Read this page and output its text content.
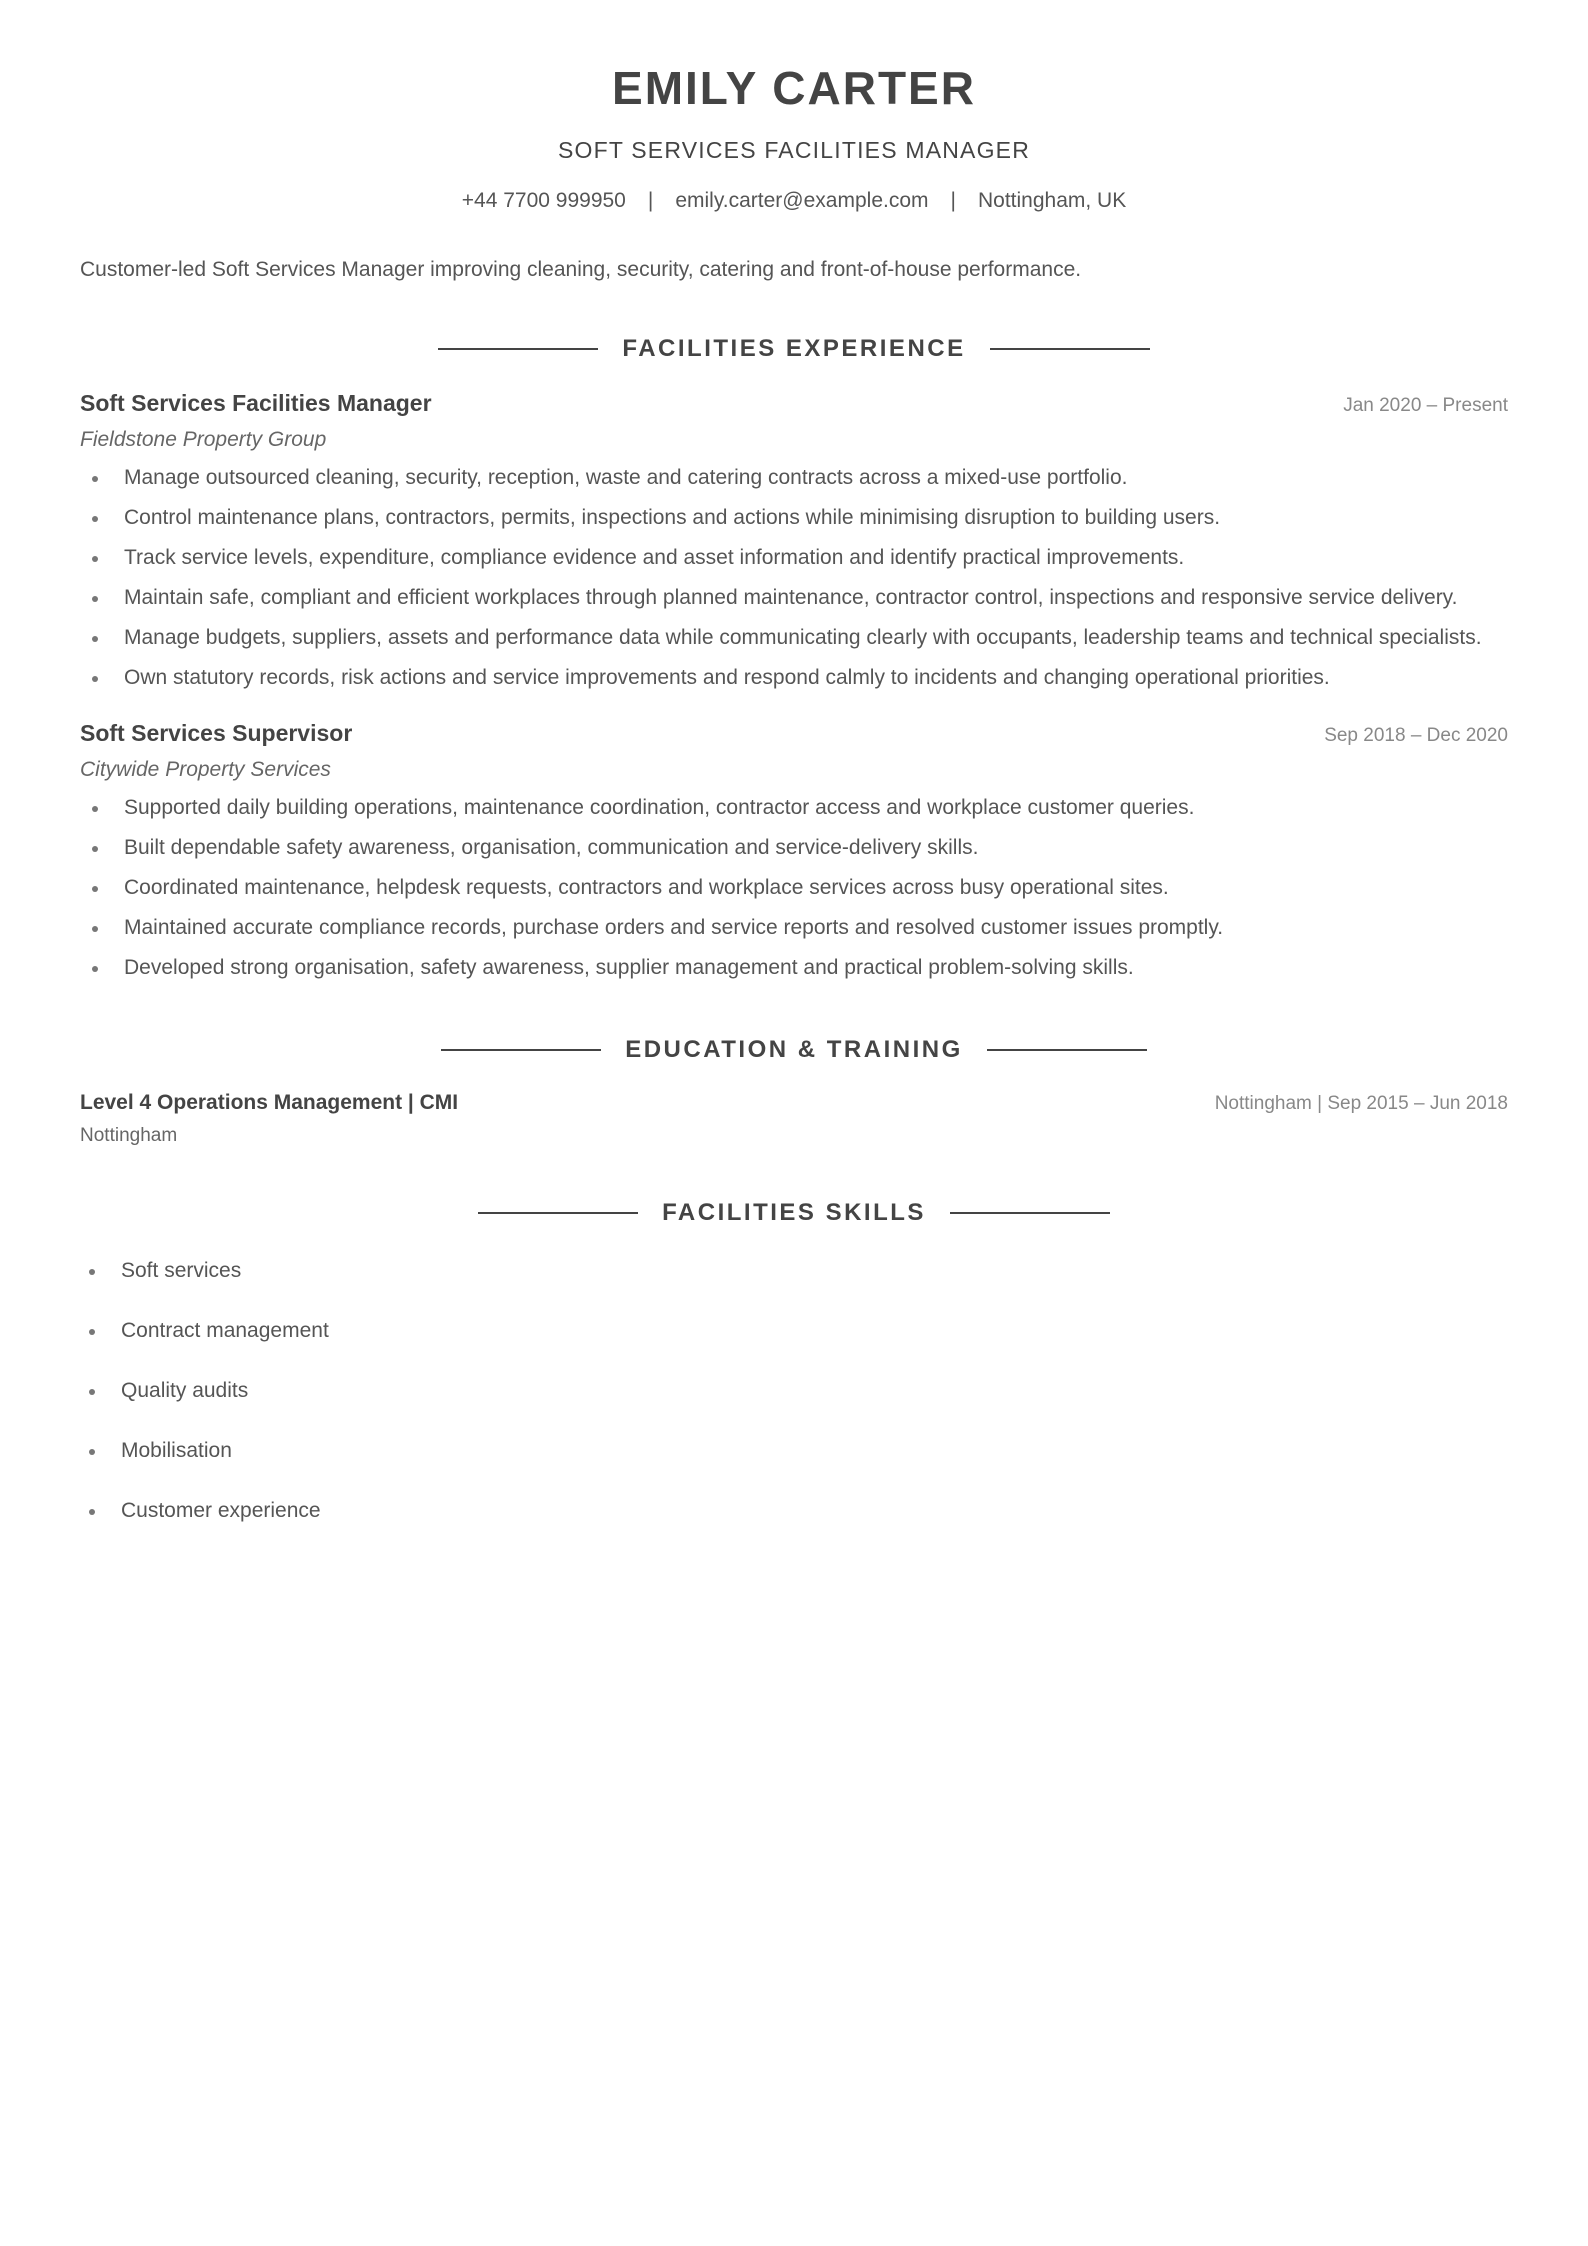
EMILY CARTER
SOFT SERVICES FACILITIES MANAGER
+44 7700 999950 | emily.carter@example.com | Nottingham, UK
Customer-led Soft Services Manager improving cleaning, security, catering and front-of-house performance.
FACILITIES EXPERIENCE
Soft Services Facilities Manager	Jan 2020 – Present
Fieldstone Property Group
Manage outsourced cleaning, security, reception, waste and catering contracts across a mixed-use portfolio.
Control maintenance plans, contractors, permits, inspections and actions while minimising disruption to building users.
Track service levels, expenditure, compliance evidence and asset information and identify practical improvements.
Maintain safe, compliant and efficient workplaces through planned maintenance, contractor control, inspections and responsive service delivery.
Manage budgets, suppliers, assets and performance data while communicating clearly with occupants, leadership teams and technical specialists.
Own statutory records, risk actions and service improvements and respond calmly to incidents and changing operational priorities.
Soft Services Supervisor	Sep 2018 – Dec 2020
Citywide Property Services
Supported daily building operations, maintenance coordination, contractor access and workplace customer queries.
Built dependable safety awareness, organisation, communication and service-delivery skills.
Coordinated maintenance, helpdesk requests, contractors and workplace services across busy operational sites.
Maintained accurate compliance records, purchase orders and service reports and resolved customer issues promptly.
Developed strong organisation, safety awareness, supplier management and practical problem-solving skills.
EDUCATION & TRAINING
Level 4 Operations Management | CMI	Nottingham | Sep 2015 – Jun 2018
Nottingham
FACILITIES SKILLS
Soft services
Contract management
Quality audits
Mobilisation
Customer experience
